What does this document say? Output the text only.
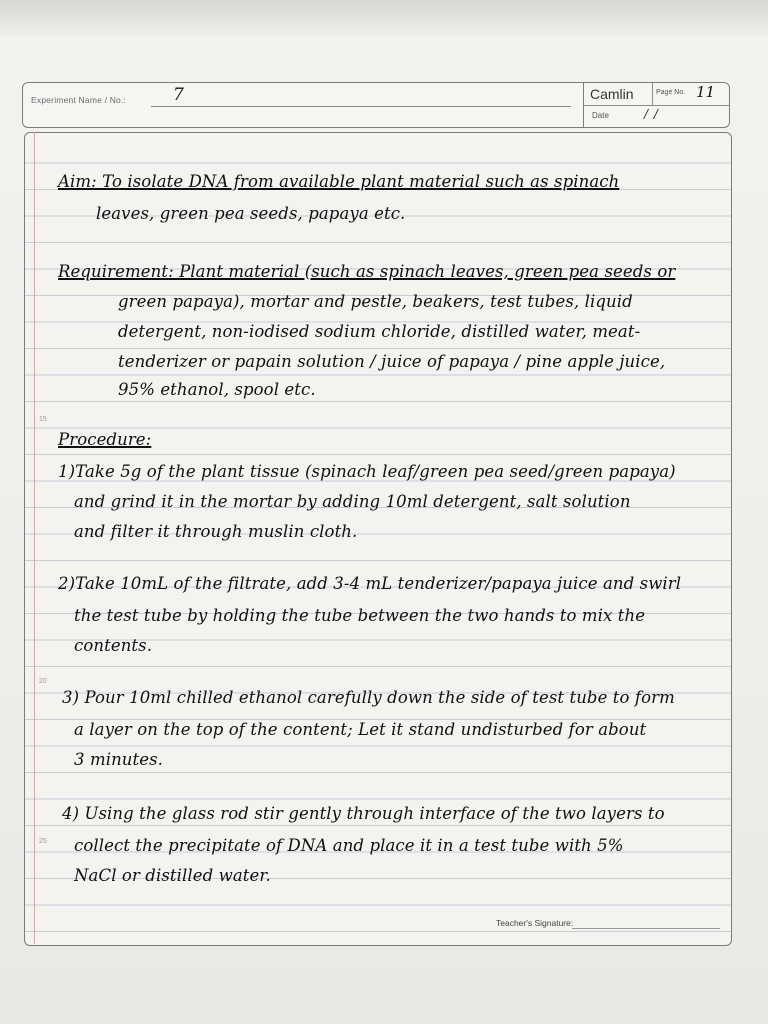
Experiment Name / No.:	7	Camlin	Page No. 11
Date	/ /
15
20
25
Aim: To isolate DNA from available plant material such as spinach
leaves, green pea seeds, papaya etc.
Requirement: Plant material (such as spinach leaves, green pea seeds or
green papaya), mortar and pestle, beakers, test tubes, liquid
detergent, non-iodised sodium chloride, distilled water, meat-
tenderizer or papain solution / juice of papaya / pine apple juice,
95% ethanol, spool etc.
Procedure:
1)Take 5g of the plant tissue (spinach leaf/green pea seed/green papaya)
and grind it in the mortar by adding 10ml detergent, salt solution
and filter it through muslin cloth.
2)Take 10mL of the filtrate, add 3-4 mL tenderizer/papaya juice and swirl
the test tube by holding the tube between the two hands to mix the
contents.
3) Pour 10ml chilled ethanol carefully down the side of test tube to form
a layer on the top of the content; Let it stand undisturbed for about
3 minutes.
4) Using the glass rod stir gently through interface of the two layers to
collect the precipitate of DNA and place it in a test tube with 5%
NaCl or distilled water.
Teacher's Signature:
